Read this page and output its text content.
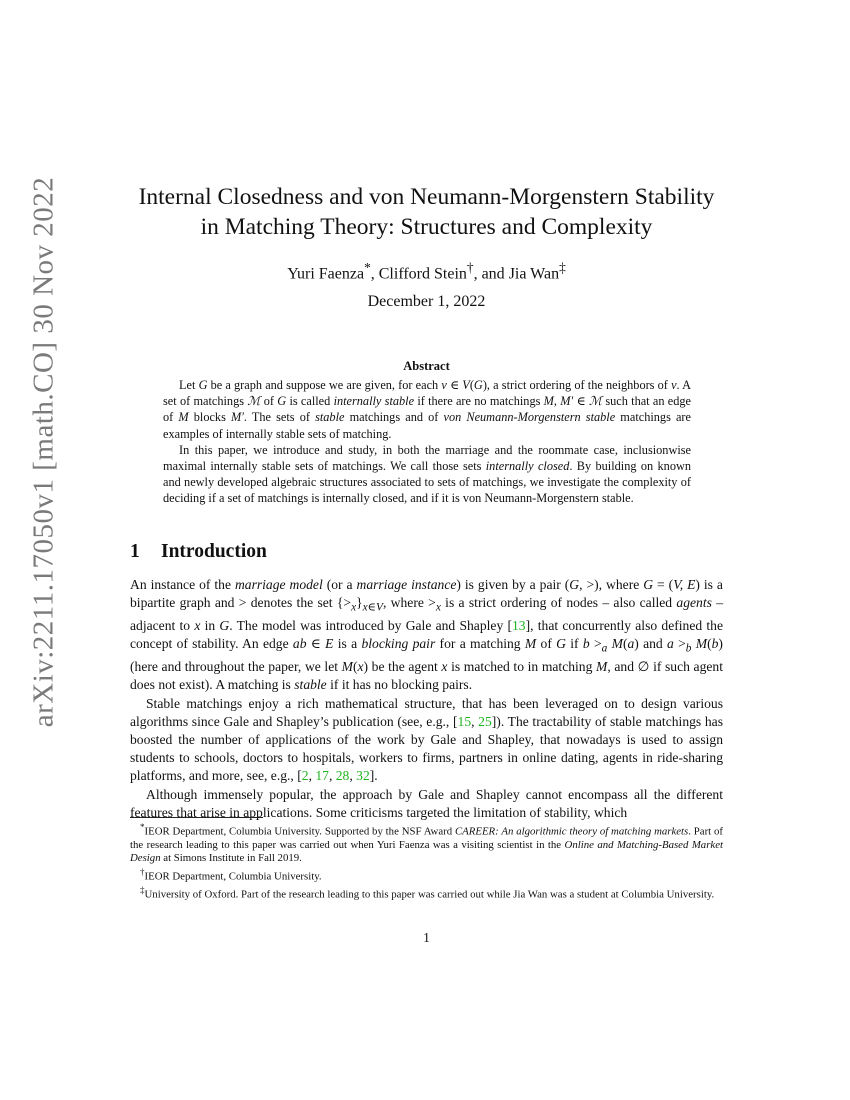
arXiv:2211.17050v1 [math.CO] 30 Nov 2022	Internal Closedness and von Neumann-Morgenstern Stability
in Matching Theory: Structures and Complexity
Yuri Faenza*, Clifford Stein†, and Jia Wan‡
December 1, 2022
Abstract

Let G be a graph and suppose we are given, for each v ∈ V(G), a strict ordering of the neighbors of v. A set of matchings ℳ of G is called internally stable if there are no matchings M, M′ ∈ ℳ such that an edge of M blocks M′. The sets of stable matchings and of von Neumann-Morgenstern stable matchings are examples of internally stable sets of matching.

In this paper, we introduce and study, in both the marriage and the roommate case, inclusionwise maximal internally stable sets of matchings. We call those sets internally closed. By building on known and newly developed algebraic structures associated to sets of matchings, we investigate the complexity of deciding if a set of matchings is internally closed, and if it is von Neumann-Morgenstern stable.

1 Introduction

An instance of the marriage model (or a marriage instance) is given by a pair (G, >), where G = (V, E) is a bipartite graph and > denotes the set $\{>_x\}_{x\in V}$, where $>_x$ is a strict ordering of nodes – also called agents – adjacent to x in G. The model was introduced by Gale and Shapley [13], that concurrently also defined the concept of stability. An edge ab ∈ E is a blocking pair for a matching M of G if $b >_a$ M(a) and $a >_b$ M(b) (here and throughout the paper, we let M(x) be the agent x is matched to in matching M, and ∅ if such agent does not exist). A matching is stable if it has no blocking pairs.

Stable matchings enjoy a rich mathematical structure, that has been leveraged on to design various algorithms since Gale and Shapley’s publication (see, e.g., [15, 25]). The tractability of stable matchings has boosted the number of applications of the work by Gale and Shapley, that nowadays is used to assign students to schools, doctors to hospitals, workers to firms, partners in online dating, agents in ride-sharing platforms, and more, see, e.g., [2, 17, 28, 32].

Although immensely popular, the approach by Gale and Shapley cannot encompass all the different features that arise in applications. Some criticisms targeted the limitation of stability, which

*IEOR Department, Columbia University. Supported by the NSF Award CAREER: An algorithmic theory of matching markets. Part of the research leading to this paper was carried out when Yuri Faenza was a visiting scientist in the Online and Matching-Based Market Design at Simons Institute in Fall 2019.

†IEOR Department, Columbia University.

‡University of Oxford. Part of the research leading to this paper was carried out while Jia Wan was a student at Columbia University.

1
